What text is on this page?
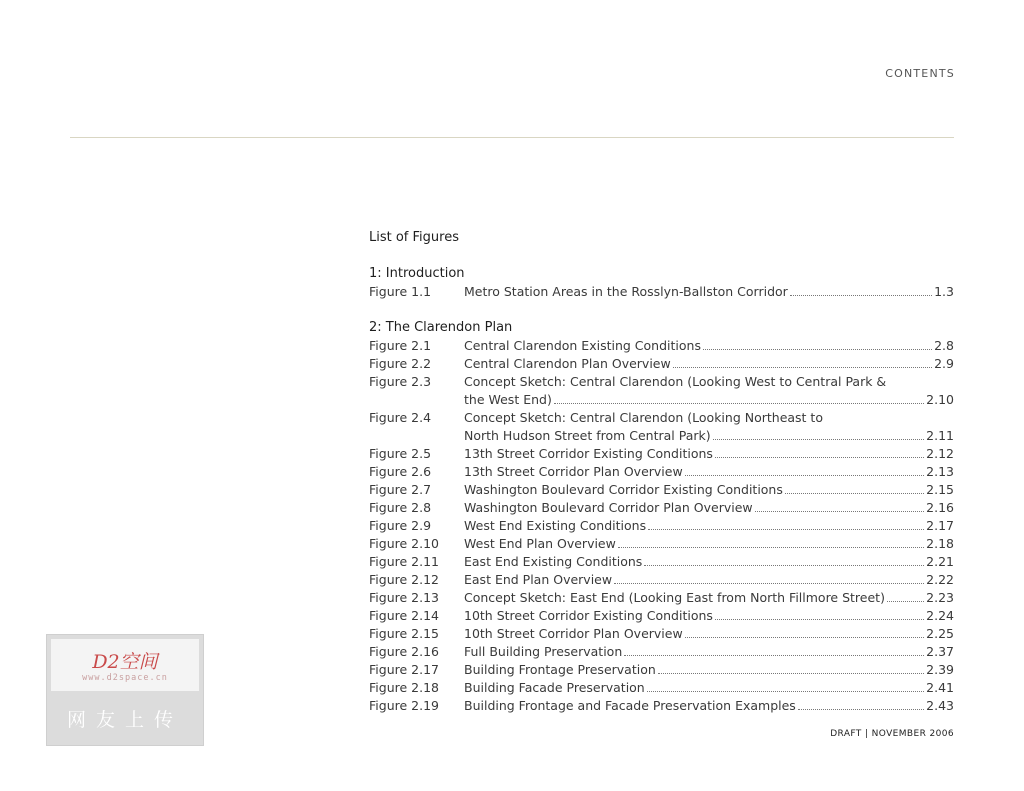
CONTENTS
List of Figures
1: Introduction
Figure 1.1	Metro Station Areas in the Rosslyn-Ballston Corridor	1.3
2: The Clarendon Plan
Figure 2.1	Central Clarendon Existing Conditions	2.8
Figure 2.2	Central Clarendon Plan Overview	2.9
Figure 2.3	Concept Sketch: Central Clarendon (Looking West to Central Park &
the West End)	2.10
Figure 2.4	Concept Sketch: Central Clarendon (Looking Northeast to
North Hudson Street from Central Park)	2.11
Figure 2.5	13th Street Corridor Existing Conditions	2.12
Figure 2.6	13th Street Corridor Plan Overview	2.13
Figure 2.7	Washington Boulevard Corridor Existing Conditions	2.15
Figure 2.8	Washington Boulevard Corridor Plan Overview	2.16
Figure 2.9	West End Existing Conditions	2.17
Figure 2.10	West End Plan Overview	2.18
Figure 2.11	East End Existing Conditions	2.21
Figure 2.12	East End Plan Overview	2.22
Figure 2.13	Concept Sketch: East End (Looking East from North Fillmore Street)	2.23
Figure 2.14	10th Street Corridor Existing Conditions	2.24
Figure 2.15	10th Street Corridor Plan Overview	2.25
Figure 2.16	Full Building Preservation	2.37
Figure 2.17	Building Frontage Preservation	2.39
Figure 2.18	Building Facade Preservation	2.41
Figure 2.19	Building Frontage and Facade Preservation Examples	2.43
DRAFT | NOVEMBER 2006
D2空间
www.d2space.cn
网友上传
